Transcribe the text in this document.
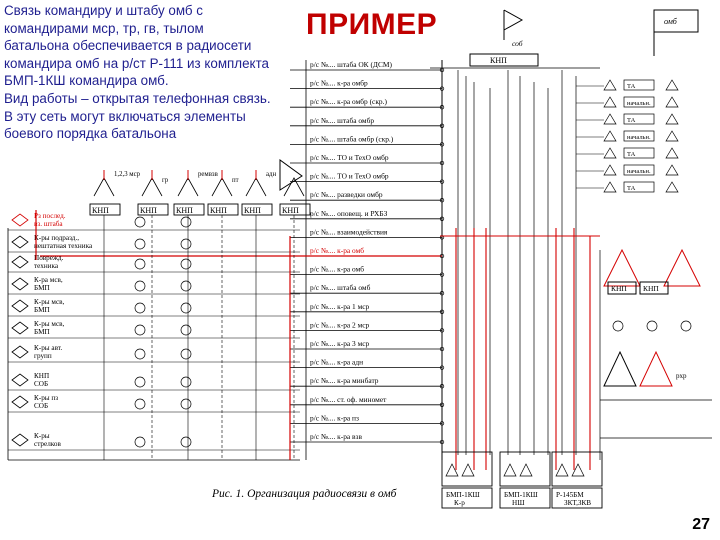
Связь командиру и штабу омб с
командирами мср, тр, гв, тылом
батальона обеспечивается в радиосети
командира омб на р/ст Р-111 из комплекта
БМП-1КШ командира омб.
Вид работы – открытая телефонная связь.
В эту сеть могут включаться элементы
боевого порядка батальона
ПРИМЕР
р/с №.... штаба ОК (ДСМ)
р/с №.... к-ра омбр
р/с №.... к-ра омбр (скр.)
р/с №.... штаба омбр
р/с №.... штаба омбр (скр.)
р/с №.... ТО и ТехО омбр
р/с №.... ТО и ТехО омбр
р/с №.... разведки омбр
р/с №.... оповещ. и РХБЗ
р/с №.... взаимодействия
р/с №.... к-ра омб
р/с №.... к-ра омб
р/с №.... штаба омб
р/с №.... к-ра 1 мср
р/с №.... к-ра 2 мср
р/с №.... к-ра 3 мср
р/с №.... к-ра адн
р/с №.... к-ра минбатр
р/с №.... ст. оф. миномет
р/с №.... к-ра пз
р/с №.... к-ра взв
Рз послед.
вз. штаба
К-ры подразд.,
нештатная техника
Поврежд.
техника
К-ра мсв,
БМП
К-ры мсв,
БМП
К-ры мсв,
БМП
К-ры авт.
групп
КНП
СОБ
К-ры пз
СОБ
К-ры
стрелков
КНП	КНП КНП КНП КНП	КНП
1,2,3 мср
гр
ремвзв
пт
адн
ТА
начальн.
ТА
начальн.
ТА
начальн.
ТА
КНП КНП
рхр
БМП-1КШ
К-р
БМП-1КШ
НШ
Р-145БМ
ЗКТ,ЗКВ
КНП
соб
омб
Рис. 1. Организация радиосвязи в омб
27
